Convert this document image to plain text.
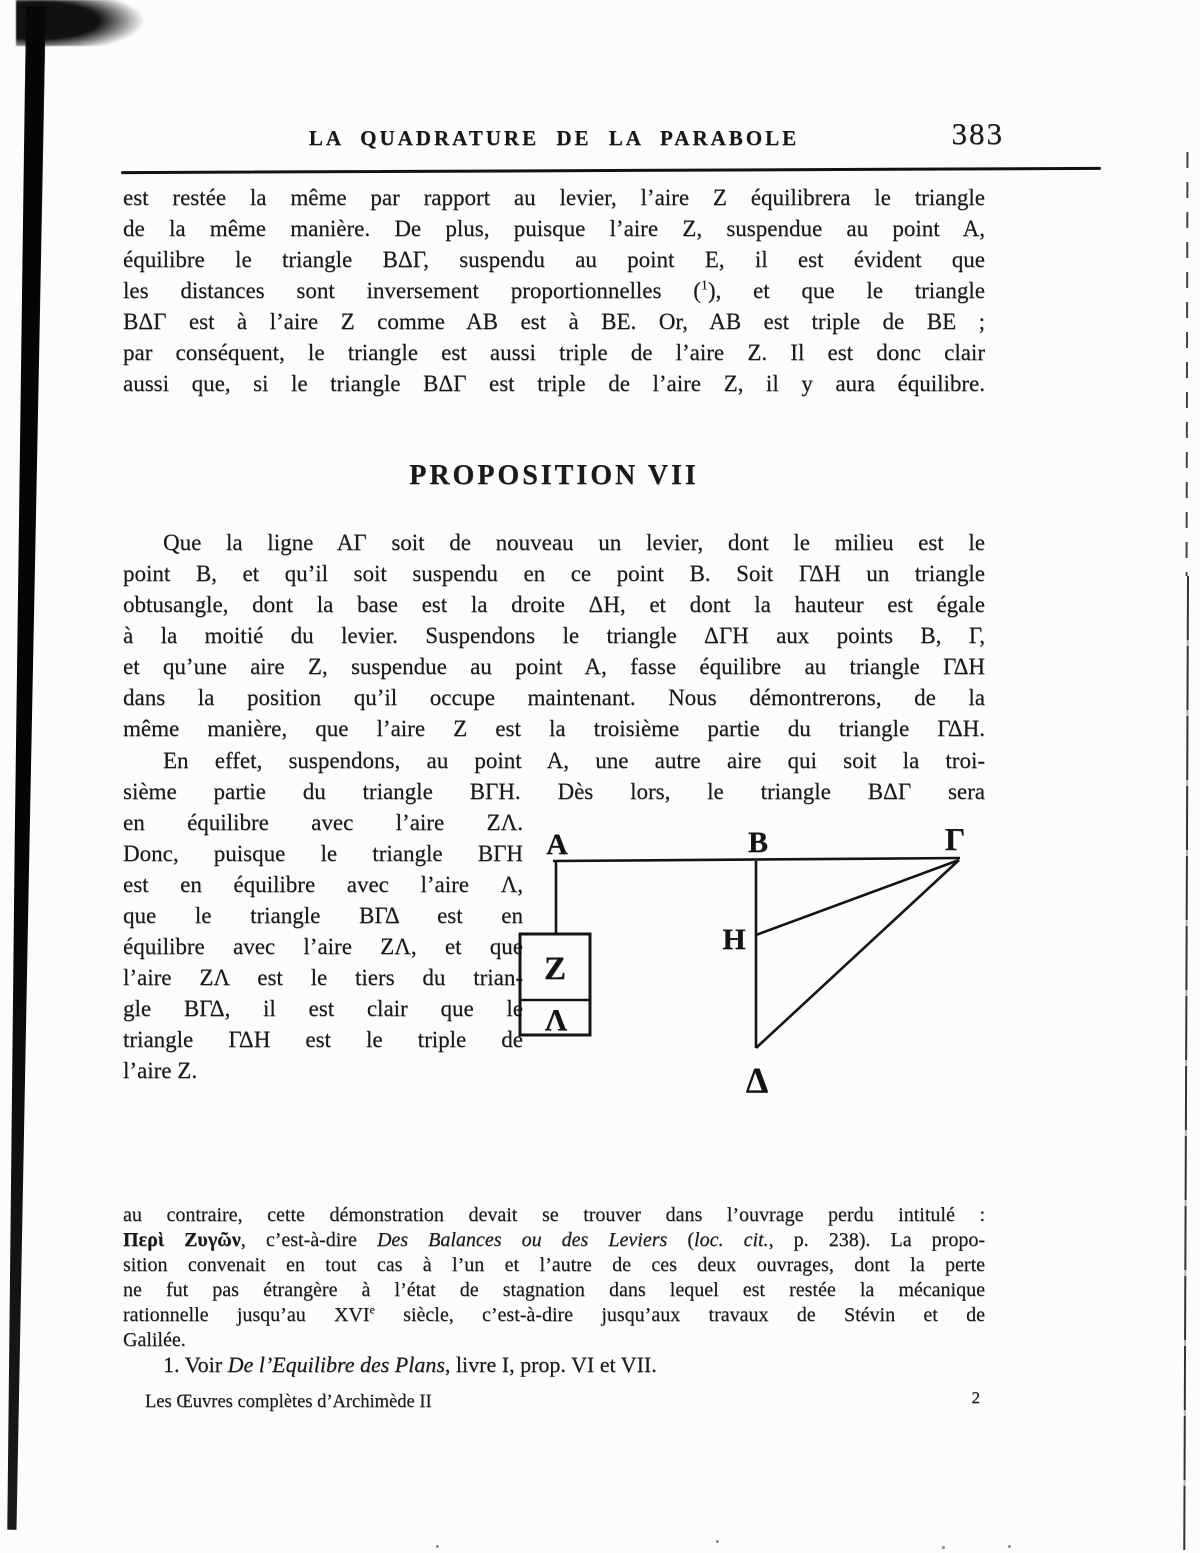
LA QUADRATURE DE LA PARABOLE	383
est restée la même par rapport au levier, l’aire Z équilibrera le triangle
de la même manière. De plus, puisque l’aire Z, suspendue au point A,
équilibre le triangle BΔΓ, suspendu au point E, il est évident que
les distances sont inversement proportionnelles ($^1$), et que le triangle
BΔΓ est à l’aire Z comme AB est à BE. Or, AB est triple de BE ;
par conséquent, le triangle est aussi triple de l’aire Z. Il est donc clair
aussi que, si le triangle BΔΓ est triple de l’aire Z, il y aura équilibre.
PROPOSITION VII
Que la ligne AΓ soit de nouveau un levier, dont le milieu est le
point B, et qu’il soit suspendu en ce point B. Soit ΓΔH un triangle
obtusangle, dont la base est la droite ΔH, et dont la hauteur est égale
à la moitié du levier. Suspendons le triangle ΔΓH aux points B, Γ,
et qu’une aire Z, suspendue au point A, fasse équilibre au triangle ΓΔH
dans la position qu’il occupe maintenant. Nous démontrerons, de la
même manière, que l’aire Z est la troisième partie du triangle ΓΔH.
En effet, suspendons, au point A, une autre aire qui soit la troi-
sième partie du triangle BΓH. Dès lors, le triangle BΔΓ sera
en équilibre avec l’aire ZΛ.
Donc, puisque le triangle BΓH
est en équilibre avec l’aire Λ,
que le triangle BΓΔ est en
équilibre avec l’aire ZΛ, et que
l’aire ZΛ est le tiers du trian-
gle BΓΔ, il est clair que le
triangle ΓΔH est le triple de
l’aire Z.
A	B	Γ
H
Z
Λ
Δ
au contraire, cette démonstration devait se trouver dans l’ouvrage perdu intitulé :
Περὶ Ζυγῶν, c’est-à-dire Des Balances ou des Leviers (loc. cit., p. 238). La propo-
sition convenait en tout cas à l’un et l’autre de ces deux ouvrages, dont la perte
ne fut pas étrangère à l’état de stagnation dans lequel est restée la mécanique
rationnelle jusqu’au XVIe siècle, c’est-à-dire jusqu’aux travaux de Stévin et de
Galilée.
1. Voir De l’Equilibre des Plans, livre I, prop. VI et VII.
Les Œuvres complètes d’Archimède II	2
